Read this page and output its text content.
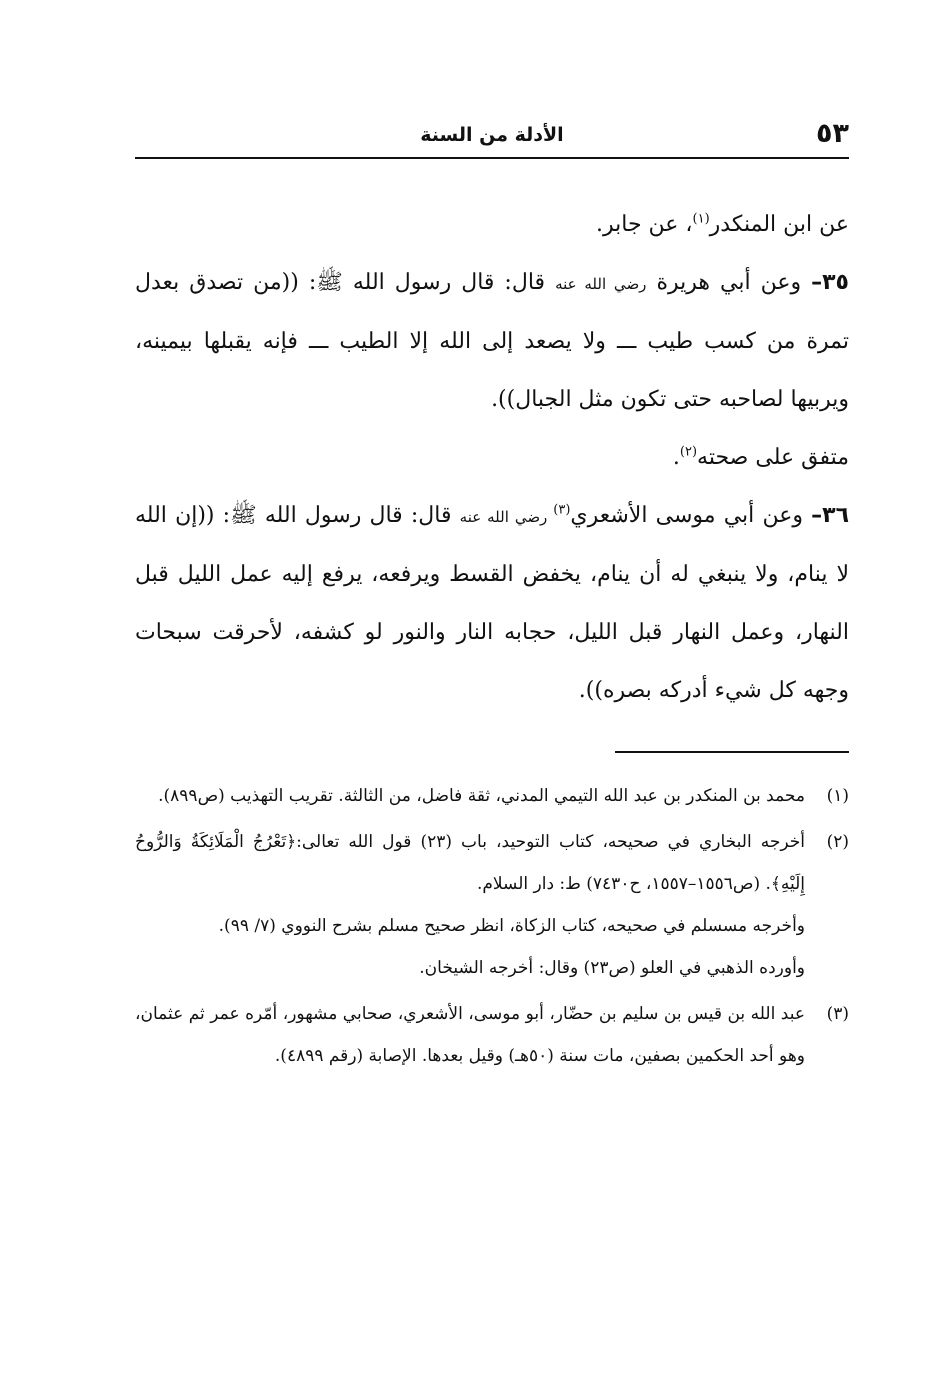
٥٣
الأدلة من السنة

عن ابن المنكدر$^{(١)}$، عن جابر.

٣٥– وعن أبي هريرة رضي الله عنه قال: قال رسول الله ﷺ: ((من تصدق بعدل تمرة من كسب طيب ـــ ولا يصعد إلى الله إلا الطيب ـــ فإنه يقبلها بيمينه، ويربيها لصاحبه حتى تكون مثل الجبال)).

متفق على صحته$^{(٢)}$.

٣٦– وعن أبي موسى الأشعري$^{(٣)}$ رضي الله عنه قال: قال رسول الله ﷺ: ((إن الله لا ينام، ولا ينبغي له أن ينام، يخفض القسط ويرفعه، يرفع إليه عمل الليل قبل النهار، وعمل النهار قبل الليل، حجابه النار والنور لو كشفه، لأحرقت سبحات وجهه كل شيء أدركه بصره)).

(١)

محمد بن المنكدر بن عبد الله التيمي المدني، ثقة فاضل، من الثالثة. تقريب التهذيب (ص٨٩٩).

(٢)

أخرجه البخاري في صحيحه، كتاب التوحيد، باب (٢٣) قول الله تعالى:﴿تَعْرُجُ الْمَلَائِكَةُ وَالرُّوحُ إِلَيْهِ﴾. (ص١٥٥٦–١٥٥٧، ح٧٤٣٠) ط: دار السلام.

وأخرجه مسسلم في صحيحه، كتاب الزكاة، انظر صحيح مسلم بشرح النووي (٧/ ٩٩).

وأورده الذهبي في العلو (ص٢٣) وقال: أخرجه الشيخان.

(٣)

عبد الله بن قيس بن سليم بن حضّار، أبو موسى، الأشعري، صحابي مشهور، أمّره عمر ثم عثمان، وهو أحد الحكمين بصفين، مات سنة (٥٠هـ) وقيل بعدها. الإصابة (رقم ٤٨٩٩).
